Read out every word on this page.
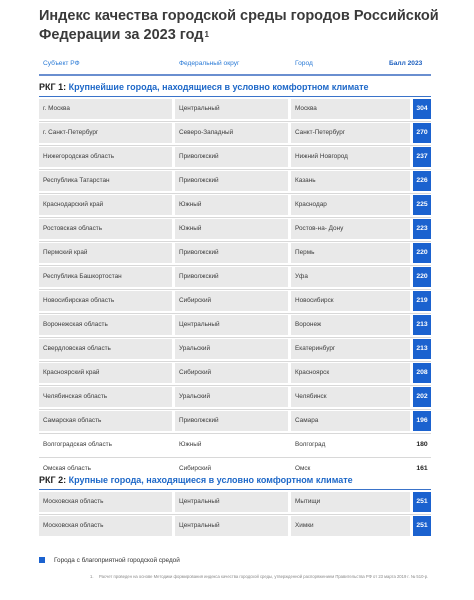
Индекс качества городской среды городов Российской Федерации за 2023 год$^1$
Субъект РФ	Федеральный округ	Город	Балл 2023
РКГ 1: Крупнейшие города, находящиеся в условно комфортном климате
г. Москва	Центральный	Москва	304
г. Санкт-Петербург	Северо-Западный	Санкт-Петербург	270
Нижегородская область	Приволжский	Нижний Новгород	237
Республика Татарстан	Приволжский	Казань	226
Краснодарский край	Южный	Краснодар	225
Ростовская область	Южный	Ростов-на- Дону	223
Пермский край	Приволжский	Пермь	220
Республика Башкортостан	Приволжский	Уфа	220
Новосибирская область	Сибирский	Новосибирск	219
Воронежская область	Центральный	Воронеж	213
Свердловская область	Уральский	Екатеринбург	213
Красноярский край	Сибирский	Красноярск	208
Челябинская область	Уральский	Челябинск	202
Самарская область	Приволжский	Самара	196
Волгоградская область	Южный	Волгоград	180
Омская область	Сибирский	Омск	161
РКГ 2: Крупные города, находящиеся в условно комфортном климате
Московская область	Центральный	Мытищи	251
Московская область	Центральный	Химки	251
Города с благоприятной городской средой
1. Расчет проведен на основе Методики формирования индекса качества городской среды, утвержденной распоряжением Правительства РФ от 23 марта 2019 г. № 510-р.
